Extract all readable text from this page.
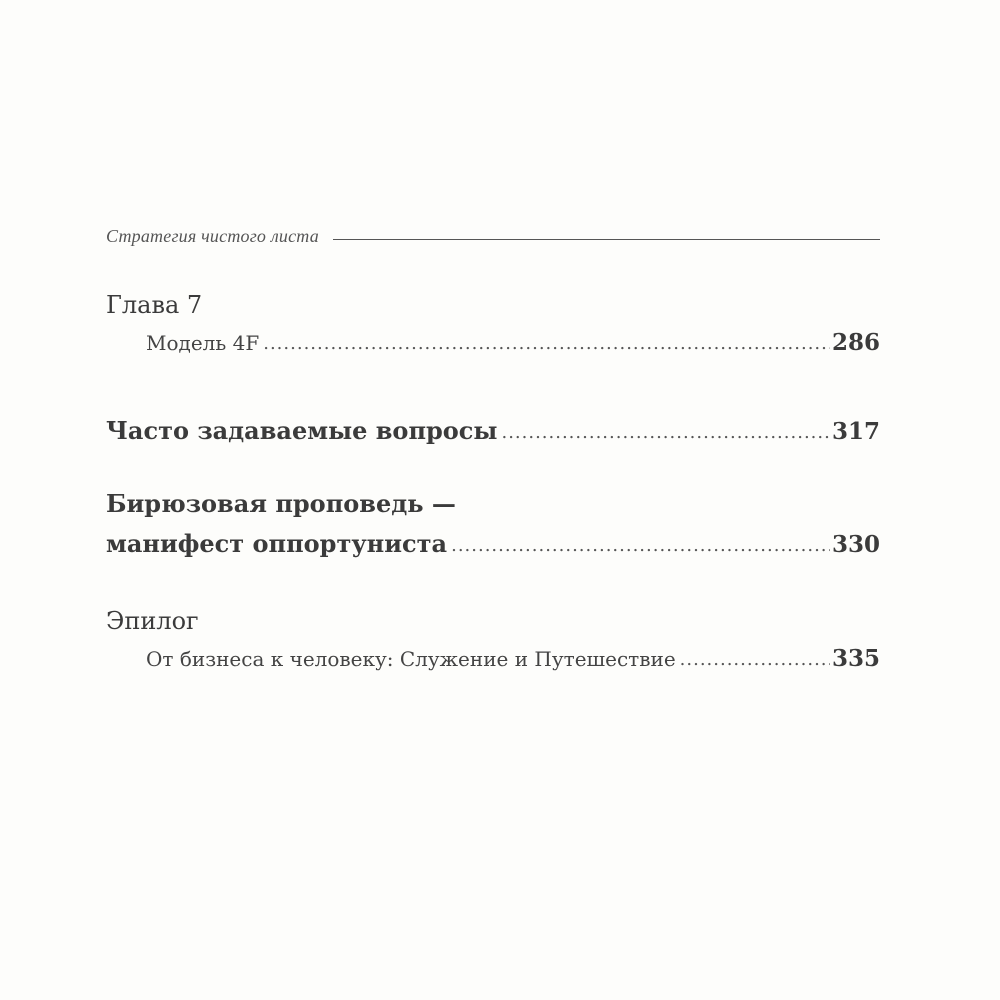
Стратегия чистого листа
Глава 7
Модель 4F .....	286
Часто задаваемые вопросы .....	317
Бирюзовая проповедь —
манифест оппортуниста .....	330
Эпилог
От бизнеса к человеку: Служение и Путешествие .....	335
